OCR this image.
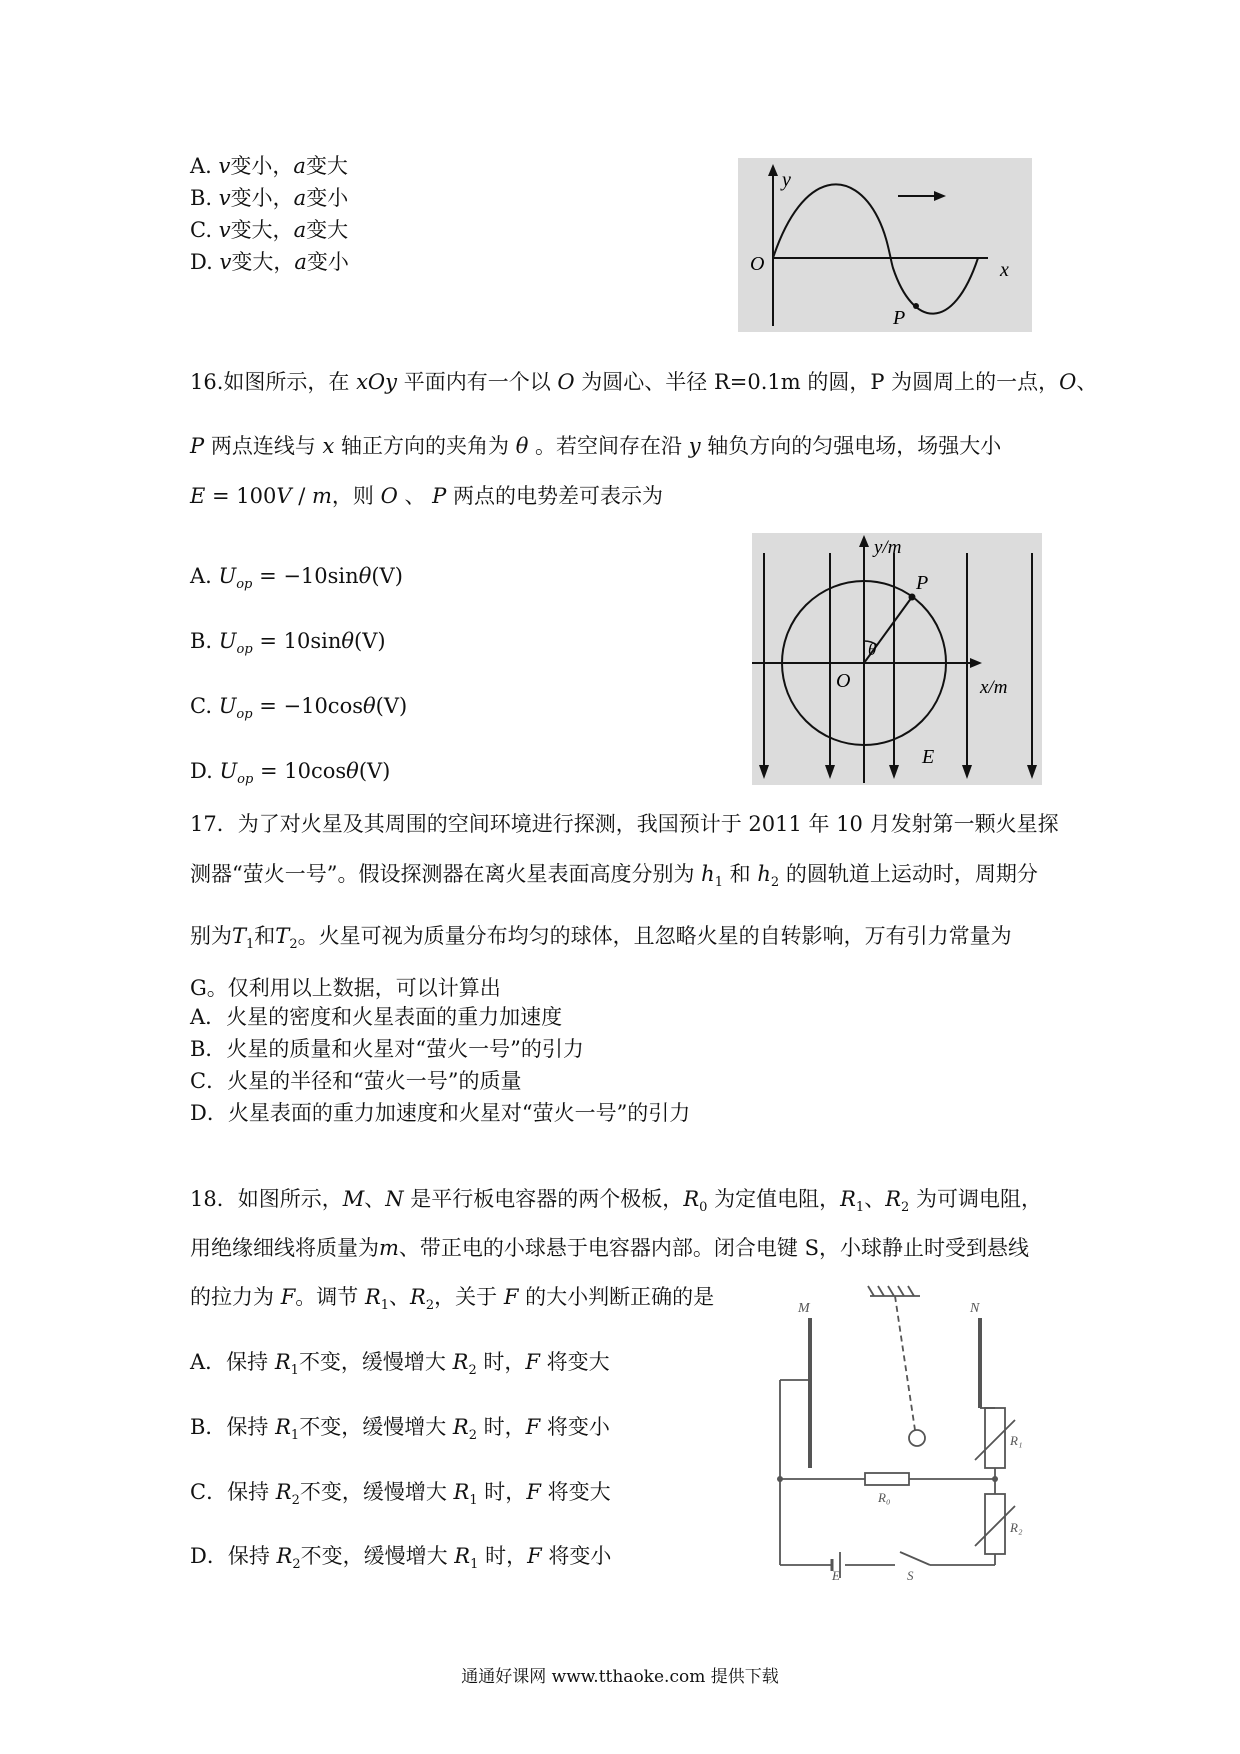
A. v变小，a变大
B. v变小，a变小
C. v变大，a变大
D. v变大，a变小
y
x
O
P
16.如图所示，在 xOy 平面内有一个以 O 为圆心、半径 R=0.1m 的圆，P 为圆周上的一点，O、
P 两点连线与 x 轴正方向的夹角为 θ 。若空间存在沿 y 轴负方向的匀强电场，场强大小
E = 100V / m，则 O 、 P 两点的电势差可表示为
A. $U_{op} = -10\sin\theta(V)$
B. $U_{op} = 10\sin\theta(V)$
C. $U_{op} = -10\cos\theta(V)$
D. $U_{op} = 10\cos\theta(V)$
y/m
x/m
O
P
θ
E
17．为了对火星及其周围的空间环境进行探测，我国预计于 2011 年 10 月发射第一颗火星探
测器“萤火一号”。假设探测器在离火星表面高度分别为 $h_1$ 和 $h_2$ 的圆轨道上运动时，周期分
别为$T_1$和$T_2$。火星可视为质量分布均匀的球体，且忽略火星的自转影响，万有引力常量为
G。仅利用以上数据，可以计算出
A．火星的密度和火星表面的重力加速度
B．火星的质量和火星对“萤火一号”的引力
C．火星的半径和“萤火一号”的质量
D．火星表面的重力加速度和火星对“萤火一号”的引力
18．如图所示，M、N 是平行板电容器的两个极板，$R_0$ 为定值电阻，$R_1$、$R_2$ 为可调电阻，
用绝缘细线将质量为m、带正电的小球悬于电容器内部。闭合电键 S，小球静止时受到悬线
的拉力为 F。调节 $R_1$、$R_2$，关于 F 的大小判断正确的是
A．保持 $R_1$不变，缓慢增大 $R_2$ 时，F 将变大
B．保持 $R_1$不变，缓慢增大 $R_2$ 时，F 将变小
C．保持 $R_2$不变，缓慢增大 $R_1$ 时，F 将变大
D．保持 $R_2$不变，缓慢增大 $R_1$ 时，F 将变小
M	N
R₁
R₂
R₀
E	S
通通好课网 www.tthaoke.com 提供下载
